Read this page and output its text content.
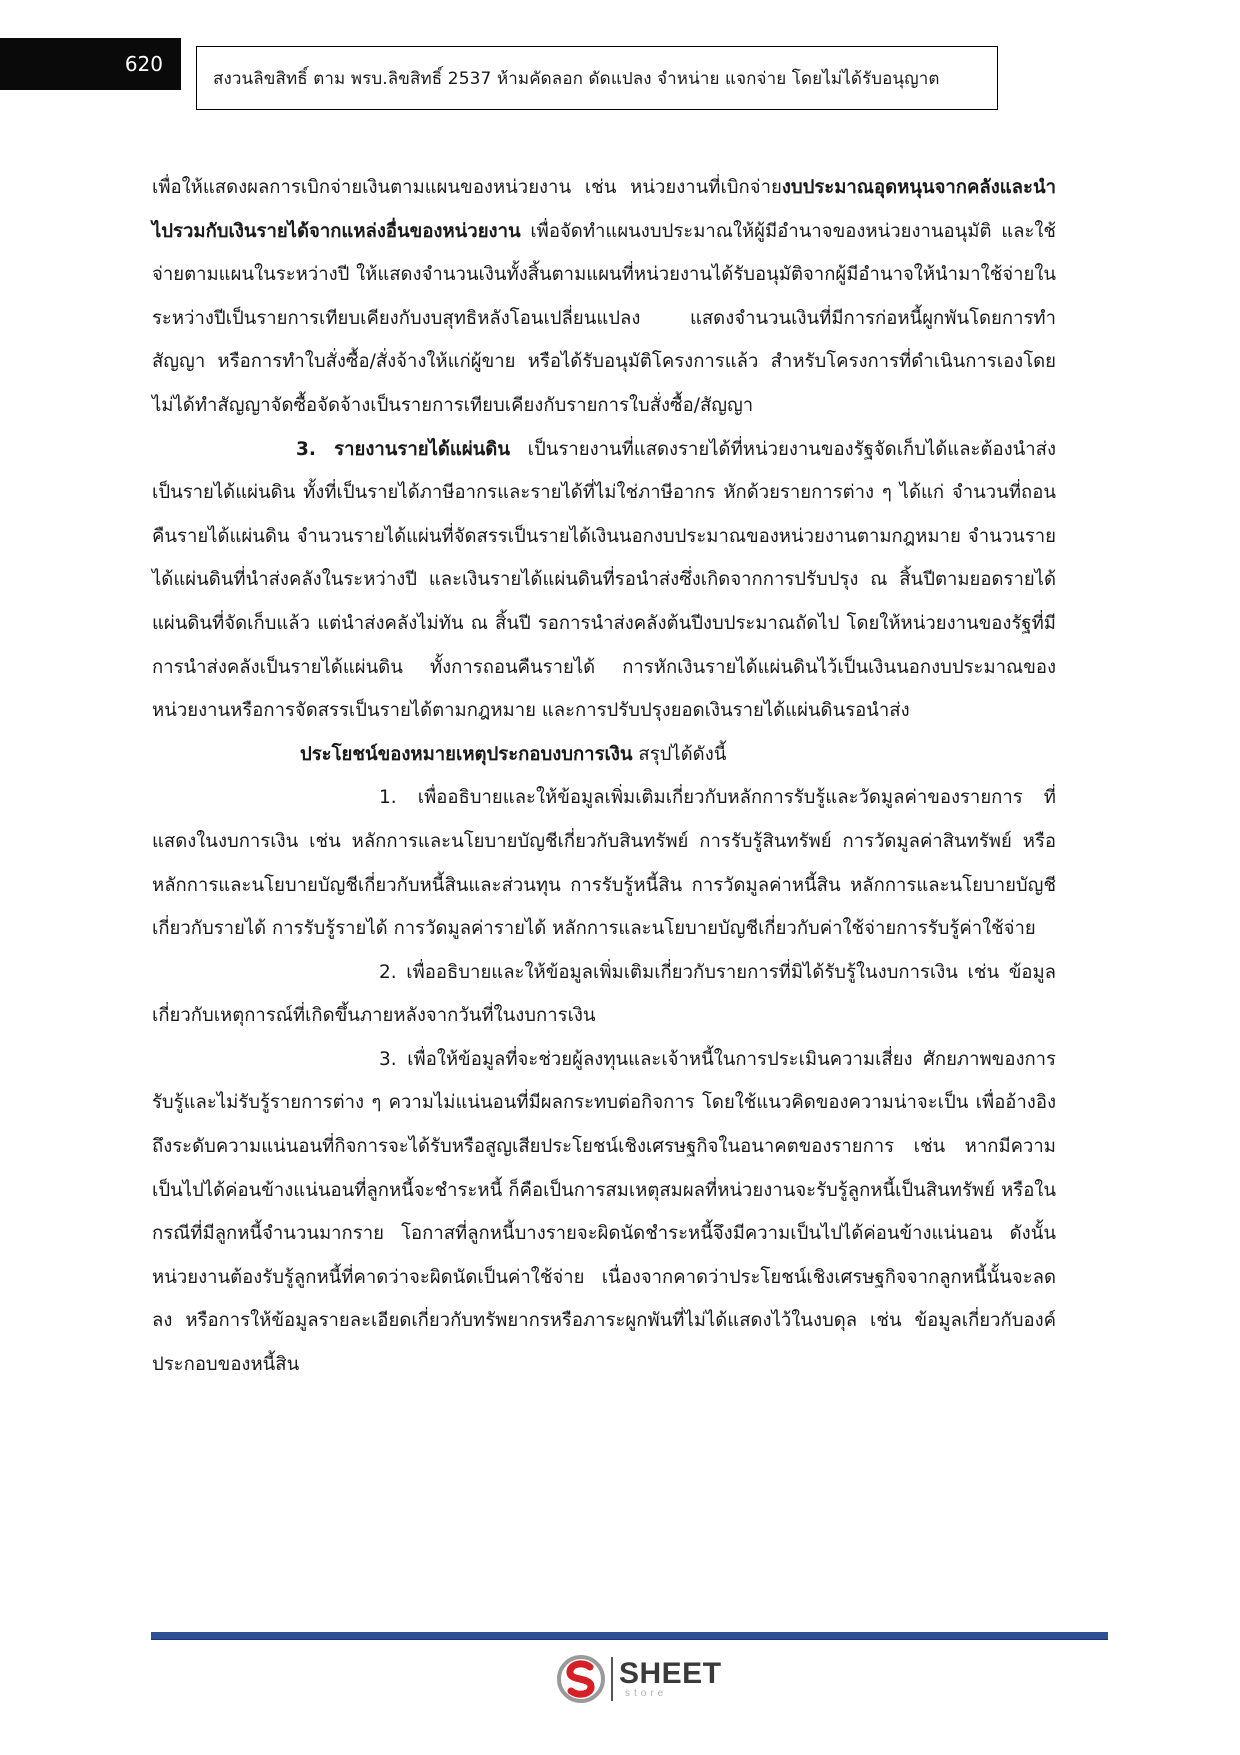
620
สงวนลิขสิทธิ์ ตาม พรบ.ลิขสิทธิ์ 2537 ห้ามคัดลอก ดัดแปลง จำหน่าย แจกจ่าย โดยไม่ได้รับอนุญาต

เพื่อให้แสดงผลการเบิกจ่ายเงินตามแผนของหน่วยงาน เช่น หน่วยงานที่เบิกจ่ายงบประมาณอุดหนุนจากคลังและนำไปรวมกับเงินรายได้จากแหล่งอื่นของหน่วยงาน เพื่อจัดทำแผนงบประมาณให้ผู้มีอำนาจของหน่วยงานอนุมัติ และใช้จ่ายตามแผนในระหว่างปี ให้แสดงจำนวนเงินทั้งสิ้นตามแผนที่หน่วยงานได้รับอนุมัติจากผู้มีอำนาจให้นำมาใช้จ่ายในระหว่างปีเป็นรายการเทียบเคียงกับงบสุทธิหลังโอนเปลี่ยนแปลง แสดงจำนวนเงินที่มีการก่อหนี้ผูกพันโดยการทำสัญญา หรือการทำใบสั่งซื้อ/สั่งจ้างให้แก่ผู้ขาย หรือได้รับอนุมัติโครงการแล้ว สำหรับโครงการที่ดำเนินการเองโดยไม่ได้ทำสัญญาจัดซื้อจัดจ้างเป็นรายการเทียบเคียงกับรายการใบสั่งซื้อ/สัญญา

3. รายงานรายได้แผ่นดิน เป็นรายงานที่แสดงรายได้ที่หน่วยงานของรัฐจัดเก็บได้และต้องนำส่งเป็นรายได้แผ่นดิน ทั้งที่เป็นรายได้ภาษีอากรและรายได้ที่ไม่ใช่ภาษีอากร หักด้วยรายการต่าง ๆ ได้แก่ จำนวนที่ถอนคืนรายได้แผ่นดิน จำนวนรายได้แผ่นที่จัดสรรเป็นรายได้เงินนอกงบประมาณของหน่วยงานตามกฎหมาย จำนวนรายได้แผ่นดินที่นำส่งคลังในระหว่างปี และเงินรายได้แผ่นดินที่รอนำส่งซึ่งเกิดจากการปรับปรุง ณ สิ้นปีตามยอดรายได้แผ่นดินที่จัดเก็บแล้ว แต่นำส่งคลังไม่ทัน ณ สิ้นปี รอการนำส่งคลังต้นปีงบประมาณถัดไป โดยให้หน่วยงานของรัฐที่มีการนำส่งคลังเป็นรายได้แผ่นดิน ทั้งการถอนคืนรายได้ การหักเงินรายได้แผ่นดินไว้เป็นเงินนอกงบประมาณของหน่วยงานหรือการจัดสรรเป็นรายได้ตามกฎหมาย และการปรับปรุงยอดเงินรายได้แผ่นดินรอนำส่ง

ประโยชน์ของหมายเหตุประกอบงบการเงิน สรุปได้ดังนี้

1. เพื่ออธิบายและให้ข้อมูลเพิ่มเติมเกี่ยวกับหลักการรับรู้และวัดมูลค่าของรายการ ที่แสดงในงบการเงิน เช่น หลักการและนโยบายบัญชีเกี่ยวกับสินทรัพย์ การรับรู้สินทรัพย์ การวัดมูลค่าสินทรัพย์ หรือหลักการและนโยบายบัญชีเกี่ยวกับหนี้สินและส่วนทุน การรับรู้หนี้สิน การวัดมูลค่าหนี้สิน หลักการและนโยบายบัญชีเกี่ยวกับรายได้ การรับรู้รายได้ การวัดมูลค่ารายได้ หลักการและนโยบายบัญชีเกี่ยวกับค่าใช้จ่ายการรับรู้ค่าใช้จ่าย

2. เพื่ออธิบายและให้ข้อมูลเพิ่มเติมเกี่ยวกับรายการที่มิได้รับรู้ในงบการเงิน เช่น ข้อมูลเกี่ยวกับเหตุการณ์ที่เกิดขึ้นภายหลังจากวันที่ในงบการเงิน

3. เพื่อให้ข้อมูลที่จะช่วยผู้ลงทุนและเจ้าหนี้ในการประเมินความเสี่ยง ศักยภาพของการรับรู้และไม่รับรู้รายการต่าง ๆ ความไม่แน่นอนที่มีผลกระทบต่อกิจการ โดยใช้แนวคิดของความน่าจะเป็น เพื่ออ้างอิงถึงระดับความแน่นอนที่กิจการจะได้รับหรือสูญเสียประโยชน์เชิงเศรษฐกิจในอนาคตของรายการ เช่น หากมีความเป็นไปได้ค่อนข้างแน่นอนที่ลูกหนี้จะชำระหนี้ ก็คือเป็นการสมเหตุสมผลที่หน่วยงานจะรับรู้ลูกหนี้เป็นสินทรัพย์ หรือในกรณีที่มีลูกหนี้จำนวนมากราย โอกาสที่ลูกหนี้บางรายจะผิดนัดชำระหนี้จึงมีความเป็นไปได้ค่อนข้างแน่นอน ดังนั้น หน่วยงานต้องรับรู้ลูกหนี้ที่คาดว่าจะผิดนัดเป็นค่าใช้จ่าย เนื่องจากคาดว่าประโยชน์เชิงเศรษฐกิจจากลูกหนี้นั้นจะลดลง หรือการให้ข้อมูลรายละเอียดเกี่ยวกับทรัพยากรหรือภาระผูกพันที่ไม่ได้แสดงไว้ในงบดุล เช่น ข้อมูลเกี่ยวกับองค์ประกอบของหนี้สิน

SHEET
store
